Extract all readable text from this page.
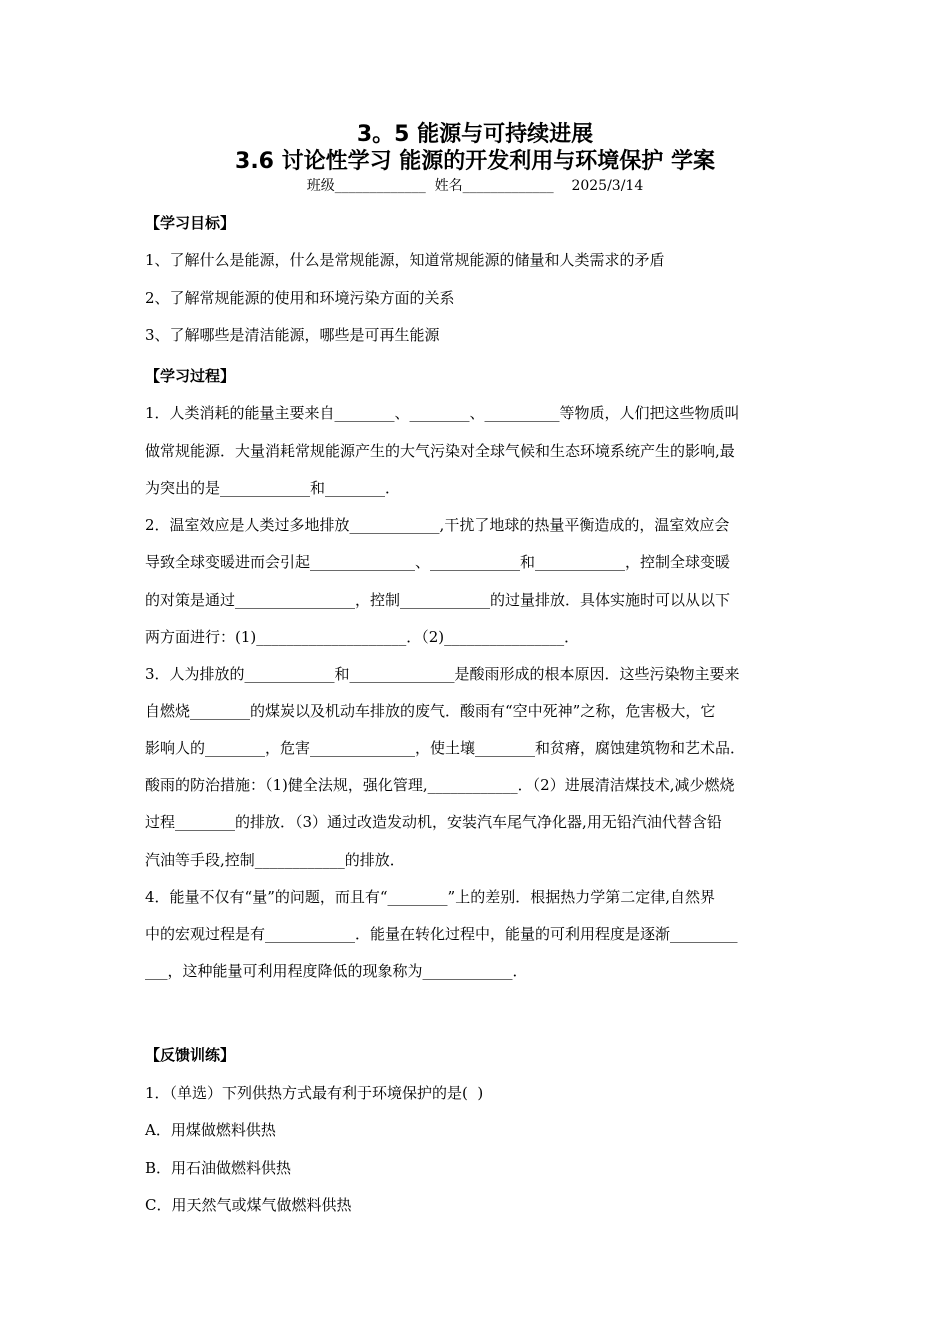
3。5 能源与可持续进展
3.6 讨论性学习 能源的开发利用与环境保护 学案
班级_____________  姓名_____________    2025/3/14
【学习目标】
1、了解什么是能源，什么是常规能源，知道常规能源的储量和人类需求的矛盾
2、了解常规能源的使用和环境污染方面的关系
3、了解哪些是清洁能源，哪些是可再生能源
【学习过程】
1．人类消耗的能量主要来自________、________、__________等物质，人们把这些物质叫
做常规能源．大量消耗常规能源产生的大气污染对全球气候和生态环境系统产生的影响,最
为突出的是____________和________．
2．温室效应是人类过多地排放____________,干扰了地球的热量平衡造成的，温室效应会
导致全球变暖进而会引起______________、____________和____________，控制全球变暖
的对策是通过________________，控制____________的过量排放．具体实施时可以从以下
两方面进行：(1)____________________．（2)________________．
3．人为排放的____________和______________是酸雨形成的根本原因．这些污染物主要来
自燃烧________的煤炭以及机动车排放的废气．酸雨有“空中死神”之称，危害极大，它
影响人的________，危害______________，使土壤________和贫瘠，腐蚀建筑物和艺术品．
酸雨的防治措施：（1)健全法规，强化管理,____________．（2）进展清洁煤技术,减少燃烧
过程________的排放．（3）通过改造发动机，安装汽车尾气净化器,用无铅汽油代替含铅
汽油等手段,控制____________的排放．
4．能量不仅有“量”的问题，而且有“________”上的差别．根据热力学第二定律,自然界
中的宏观过程是有____________．能量在转化过程中，能量的可利用程度是逐渐_________
___，这种能量可利用程度降低的现象称为____________．
【反馈训练】
1．（单选）下列供热方式最有利于环境保护的是(  )
A．用煤做燃料供热
B．用石油做燃料供热
C．用天然气或煤气做燃料供热
